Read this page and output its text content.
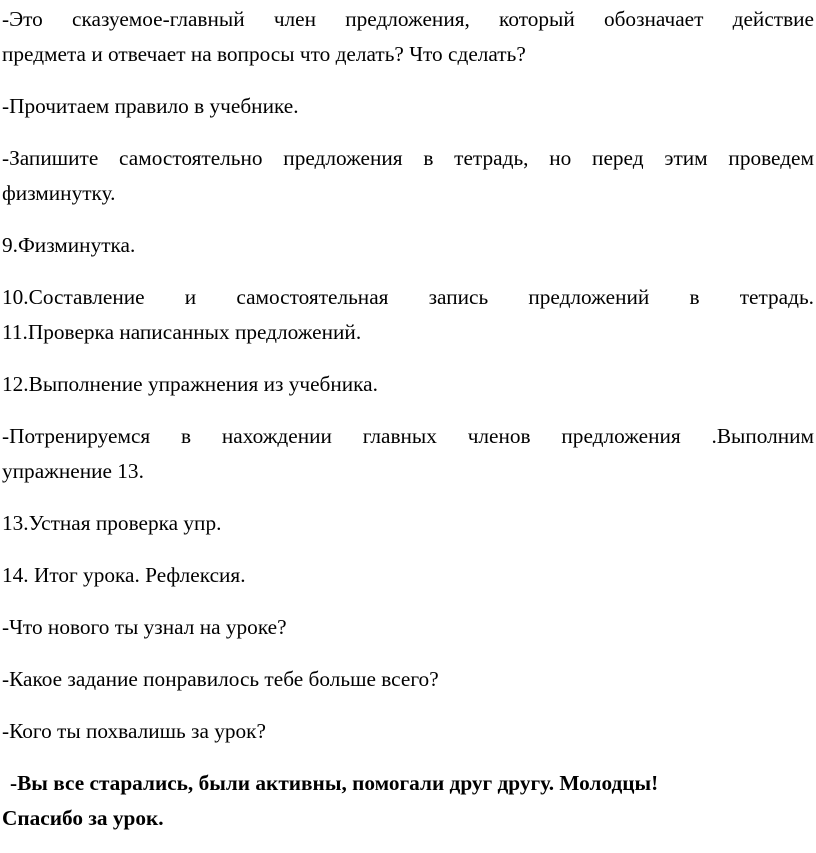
-Это сказуемое-главный член предложения, который обозначает действие
предмета и отвечает на вопросы что делать? Что сделать?
-Прочитаем правило в учебнике.
-Запишите самостоятельно предложения в тетрадь, но перед этим проведем
физминутку.
9.Физминутка.
10.Составление и самостоятельная запись предложений в тетрадь.
11.Проверка написанных предложений.
12.Выполнение упражнения из учебника.
-Потренируемся в нахождении главных членов предложения .Выполним
упражнение 13.
13.Устная проверка упр.
14. Итог урока. Рефлексия.
-Что нового ты узнал на уроке?
-Какое задание понравилось тебе больше всего?
-Кого ты похвалишь за урок?
-Вы все старались, были активны, помогали друг другу. Молодцы!
Спасибо за урок.
